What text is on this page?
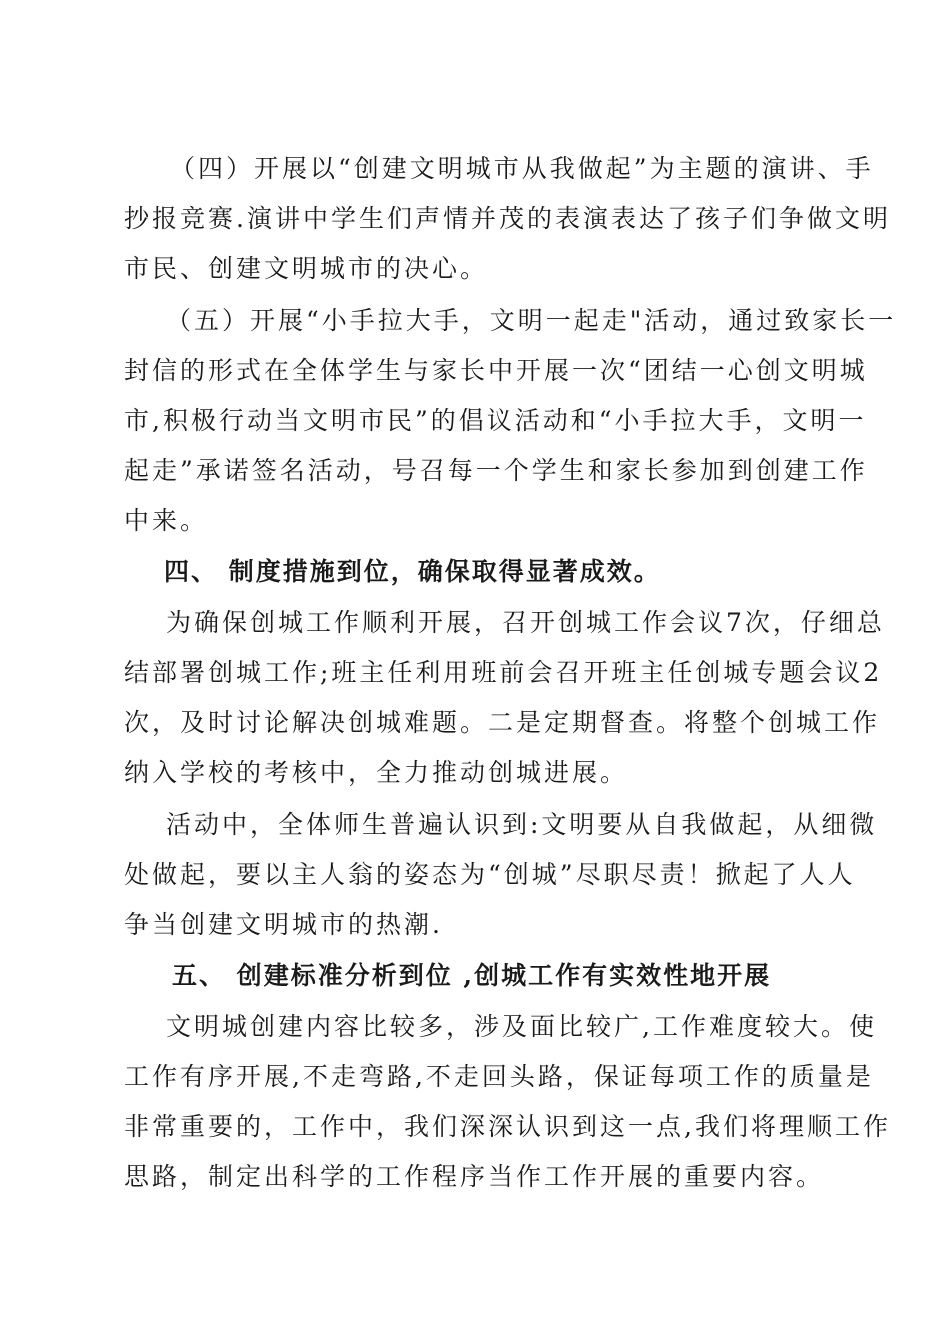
（四）开展以“创建文明城市从我做起”为主题的演讲、手
抄报竞赛.演讲中学生们声情并茂的表演表达了孩子们争做文明
市民、创建文明城市的决心。
（五）开展“小手拉大手，文明一起走"活动，通过致家长一
封信的形式在全体学生与家长中开展一次“团结一心创文明城
市,积极行动当文明市民”的倡议活动和“小手拉大手，文明一
起走”承诺签名活动，号召每一个学生和家长参加到创建工作
中来。
四、 制度措施到位，确保取得显著成效。
为确保创城工作顺利开展，召开创城工作会议7次，仔细总
结部署创城工作;班主任利用班前会召开班主任创城专题会议2
次，及时讨论解决创城难题。二是定期督查。将整个创城工作
纳入学校的考核中，全力推动创城进展。
活动中，全体师生普遍认识到:文明要从自我做起，从细微
处做起，要以主人翁的姿态为“创城”尽职尽责！掀起了人人
争当创建文明城市的热潮.
五、 创建标准分析到位 ,创城工作有实效性地开展
文明城创建内容比较多，涉及面比较广,工作难度较大。使
工作有序开展,不走弯路,不走回头路，保证每项工作的质量是
非常重要的，工作中，我们深深认识到这一点,我们将理顺工作
思路，制定出科学的工作程序当作工作开展的重要内容。
